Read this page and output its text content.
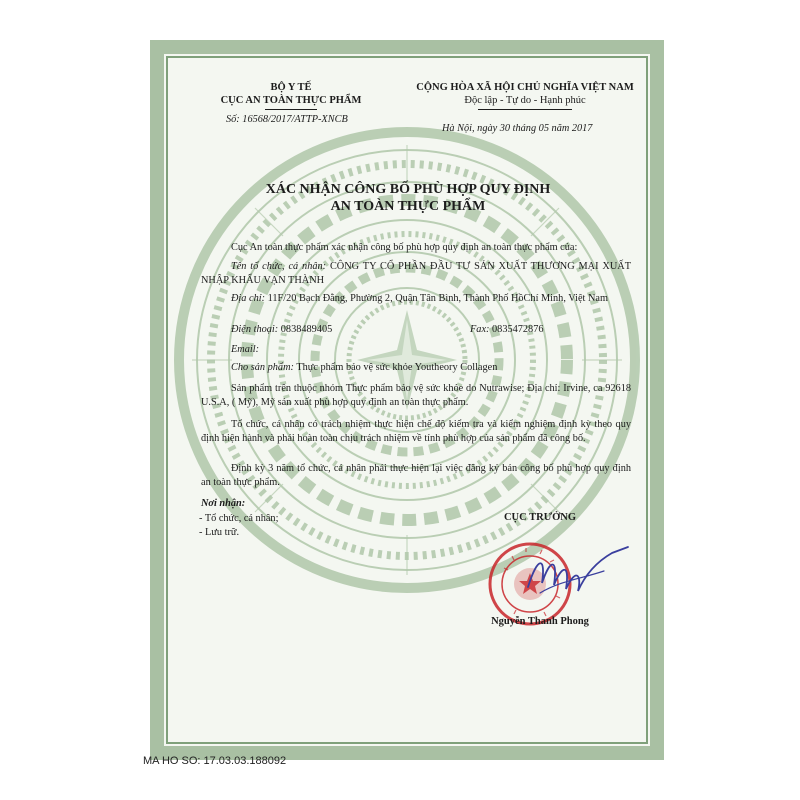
BỘ Y TẾ
CỤC AN TOÀN THỰC PHẨM
Số: 16568/2017/ATTP-XNCB
CỘNG HÒA XÃ HỘI CHỦ NGHĨA VIỆT NAM
Độc lập - Tự do - Hạnh phúc
Hà Nội, ngày 30 tháng 05 năm 2017
XÁC NHẬN CÔNG BỐ PHÙ HỢP QUY ĐỊNH
AN TOÀN THỰC PHẨM
Cục An toàn thực phẩm xác nhận công bố phù hợp quy định an toàn thực phẩm của:
Tên tổ chức, cá nhân: CÔNG TY CỔ PHẦN ĐẦU TƯ SẢN XUẤT THƯƠNG MẠI XUẤT NHẬP KHẨU VẠN THÀNH
Địa chỉ: 11F/20 Bạch Đằng, Phường 2, Quận Tân Bình, Thành Phố HồChí Minh, Việt Nam
Điện thoại: 0838489405	Fax: 0835472876
Email:
Cho sản phẩm: Thực phẩm bảo vệ sức khỏe Youtheory Collagen
Sản phẩm trên thuộc nhóm Thực phẩm bảo vệ sức khỏe do Nutrawise; Địa chỉ: Irvine, ca 92618 U.S.A, ( Mỹ), Mỹ sản xuất phù hợp quy định an toàn thực phẩm.
Tổ chức, cá nhân có trách nhiệm thực hiện chế độ kiểm tra và kiểm nghiệm định kỳ theo quy định hiện hành và phải hoàn toàn chịu trách nhiệm về tính phù hợp của sản phẩm đã công bố.
Định kỳ 3 năm tổ chức, cá nhân phải thực hiện lại việc đăng ký bản công bố phù hợp quy định an toàn thực phẩm.
Nơi nhận:
- Tổ chức, cá nhân;
- Lưu trữ.
CỤC TRƯỞNG
Nguyễn Thanh Phong
MA HO SO: 17.03.03.188092
